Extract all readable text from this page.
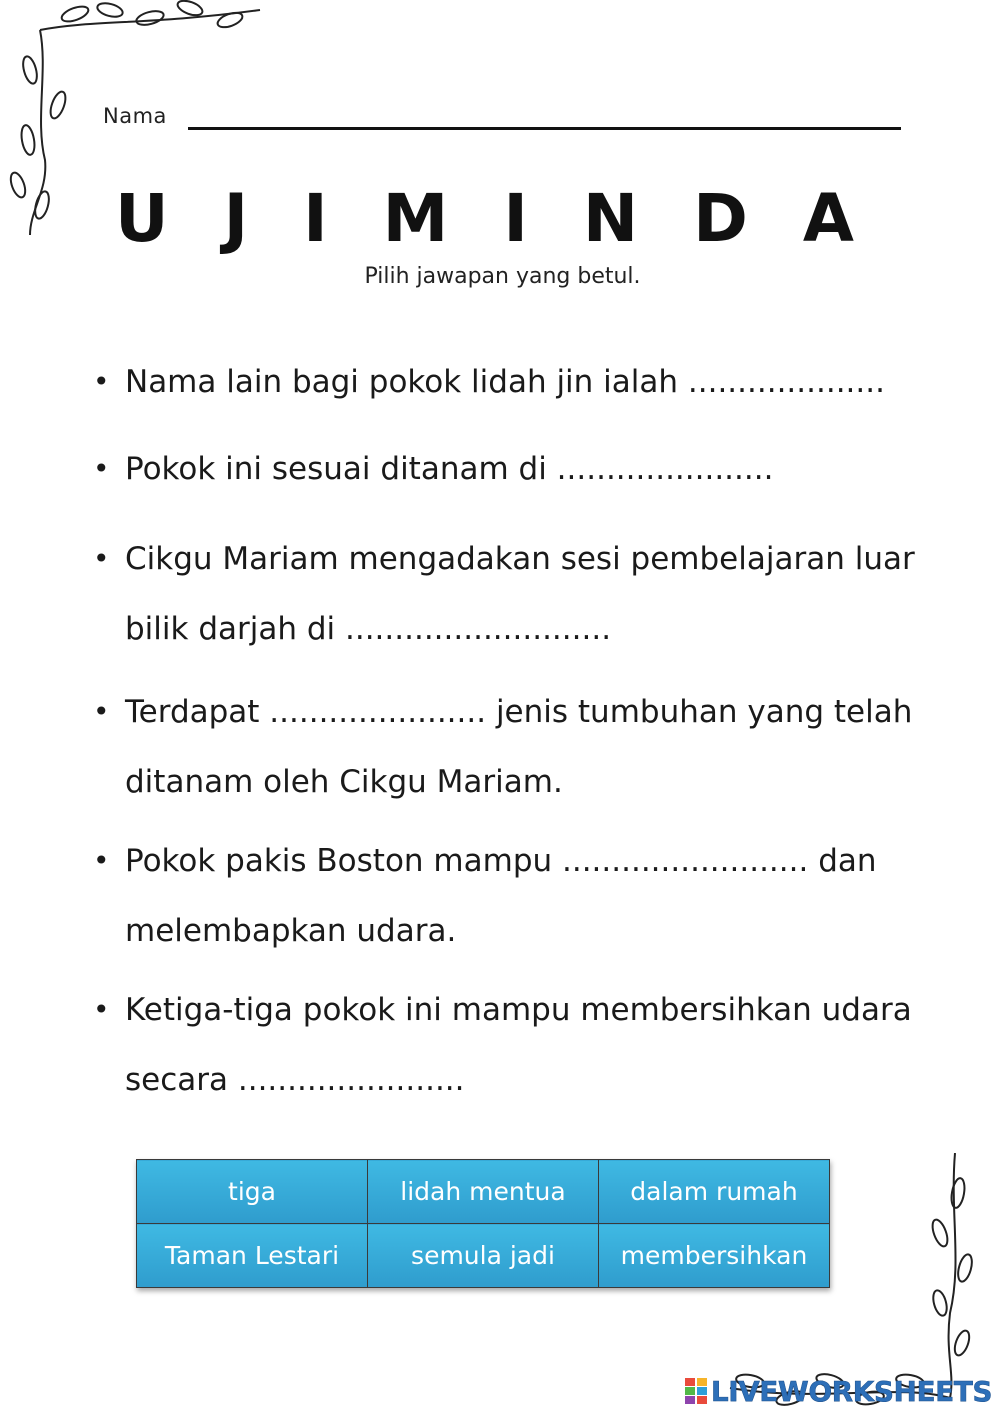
Nama
U J I M I N D A
Pilih jawapan yang betul.
• Nama lain bagi pokok lidah jin ialah ....................
• Pokok ini sesuai ditanam di ......................
• Cikgu Mariam mengadakan sesi pembelajaran luar
bilik darjah di ...........................
• Terdapat ...................... jenis tumbuhan yang telah
ditanam oleh Cikgu Mariam.
• Pokok pakis Boston mampu ......................... dan
melembapkan udara.
• Ketiga-tiga pokok ini mampu membersihkan udara
secara .......................
tiga	lidah mentua	dalam rumah
Taman Lestari	semula jadi	membersihkan
LIVEWORKSHEETS
